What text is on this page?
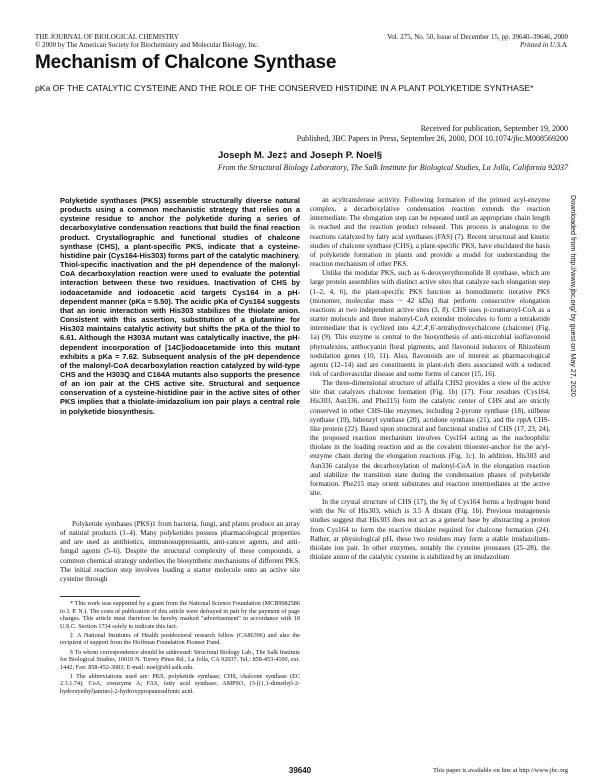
THE JOURNAL OF BIOLOGICAL CHEMISTRY
© 2000 by The American Society for Biochemistry and Molecular Biology, Inc.
Vol. 275, No. 50, Issue of December 15, pp. 39640–39646, 2000
Printed in U.S.A.
Mechanism of Chalcone Synthase
pKa OF THE CATALYTIC CYSTEINE AND THE ROLE OF THE CONSERVED HISTIDINE IN A PLANT POLYKETIDE SYNTHASE*
Received for publication, September 19, 2000
Published, JBC Papers in Press, September 26, 2000, DOI 10.1074/jbc.M008569200
Joseph M. Jez‡ and Joseph P. Noel§
From the Structural Biology Laboratory, The Salk Institute for Biological Studies, La Jolla, California 92037
Polyketide synthases (PKS) assemble structurally diverse natural products using a common mechanistic strategy that relies on a cysteine residue to anchor the polyketide during a series of decarboxylative condensation reactions that build the final reaction product. Crystallographic and functional studies of chalcone synthase (CHS), a plant-specific PKS, indicate that a cysteine-histidine pair (Cys164-His303) forms part of the catalytic machinery. Thiol-specific inactivation and the pH dependence of the malonyl-CoA decarboxylation reaction were used to evaluate the potential interaction between these two residues. Inactivation of CHS by iodoacetamide and iodoacetic acid targets Cys164 in a pH-dependent manner (pKa = 5.50). The acidic pKa of Cys164 suggests that an ionic interaction with His303 stabilizes the thiolate anion. Consistent with this assertion, substitution of a glutamine for His303 maintains catalytic activity but shifts the pKa of the thiol to 6.61. Although the H303A mutant was catalytically inactive, the pH-dependent incorporation of [14C]iodoacetamide into this mutant exhibits a pKa = 7.62. Subsequent analysis of the pH dependence of the malonyl-CoA decarboxylation reaction catalyzed by wild-type CHS and the H303Q and C164A mutants also supports the presence of an ion pair at the CHS active site. Structural and sequence conservation of a cysteine-histidine pair in the active sites of other PKS implies that a thiolate-imidazolium ion pair plays a central role in polyketide biosynthesis.

Polyketide synthases (PKS)1 from bacteria, fungi, and plants produce an array of natural products (1–4). Many polyketides possess pharmacological properties and are used as antibiotics, immunosuppressants, anti-cancer agents, and anti-fungal agents (5–6). Despite the structural complexity of these compounds, a common chemical strategy underlies the biosynthetic mechanisms of different PKS. The initial reaction step involves loading a starter molecule onto an active site cysteine through

* This work was supported by a grant from the National Science Foundation (MCB9982586 to J. P. N.). The costs of publication of this article were defrayed in part by the payment of page charges. This article must therefore be hereby marked "advertisement" in accordance with 18 U.S.C. Section 1734 solely to indicate this fact.

‡ A National Institutes of Health postdoctoral research fellow (CA86396) and also the recipient of support from the Hoffman Foundation Pioneer Fund.

§ To whom correspondence should be addressed: Structural Biology Lab., The Salk Institute for Biological Studies, 10010 N. Torrey Pines Rd., La Jolla, CA 92037. Tel.: 858-453-4100, ext. 1442; Fax: 858-452-3683; E-mail: noel@sbl.salk.edu.

1 The abbreviations used are: PKS, polyketide synthase; CHS, chalcone synthase (EC 2.3.1.74); CoA, coenzyme A; FAS, fatty acid synthase; AMPSO, (3-[(1,1-dimethyl-2-hydroxyethyl)amino]-2-hydroxypropanesulfonic acid.

an acyltransferase activity. Following formation of the primed acyl-enzyme complex, a decarboxylative condensation reaction extends the reaction intermediate. The elongation step can be repeated until an appropriate chain length is reached and the reaction product released. This process is analogous to the reactions catalyzed by fatty acid synthases (FAS) (7). Recent structural and kinetic studies of chalcone synthase (CHS), a plant-specific PKS, have elucidated the basis of polyketide formation in plants and provide a model for understanding the reaction mechanism of other PKS.

Unlike the modular PKS, such as 6-deoxyerythronolide B synthase, which are large protein assemblies with distinct active sites that catalyze each elongation step (1–2, 4, 6), the plant-specific PKS function as homodimeric iterative PKS (monomer, molecular mass ~ 42 kDa) that perform consecutive elongation reactions at two independent active sites (3, 8). CHS uses p-coumaroyl-CoA as a starter molecule and three malonyl-CoA extender molecules to form a tetraketide intermediate that is cyclized into 4,2′,4′,6′-tetrahydroxychalcone (chalcone) (Fig. 1a) (9). This enzyme is central to the biosynthesis of anti-microbial isoflavonoid phytoalexins, anthocyanin floral pigments, and flavonoid inducers of Rhizobium nodulation genes (10, 11). Also, flavonoids are of interest as pharmacological agents (12–14) and are constituents in plant-rich diets associated with a reduced risk of cardiovascular disease and some forms of cancer (15, 16).

The three-dimensional structure of alfalfa CHS2 provides a view of the active site that catalyzes chalcone formation (Fig. 1b) (17). Four residues (Cys164, His303, Asn336, and Phe215) form the catalytic center of CHS and are strictly conserved in other CHS-like enzymes, including 2-pyrone synthase (18), stilbene synthase (19), bibenzyl synthase (20), acridone synthase (21), and the rppA CHS-like protein (22). Based upon structural and functional studies of CHS (17, 23, 24), the proposed reaction mechanism involves Cys164 acting as the nucleophilic thiolate in the loading reaction and as the covalent thioester-anchor for the acyl-enzyme chain during the elongation reactions (Fig. 1c). In addition, His303 and Asn336 catalyze the decarboxylation of malonyl-CoA in the elongation reaction and stabilize the transition state during the condensation phases of polyketide formation. Phe215 may orient substrates and reaction intermediates at the active site.

In the crystal structure of CHS (17), the Sγ of Cys164 forms a hydrogen bond with the Nε of His303, which is 3.5 Å distant (Fig. 1b). Previous mutagenesis studies suggest that His303 does not act as a general base by abstracting a proton from Cys164 to form the reactive thiolate required for chalcone formation (24). Rather, at physiological pH, these two residues may form a stable imidazolium-thiolate ion pair. In other enzymes, notably the cysteine proteases (25–28), the thiolate anion of the catalytic cysteine is stabilized by an imidazolium

Downloaded from http://www.jbc.org/ by guest on May 27, 2020
39640	This paper is available on line at http://www.jbc.org
